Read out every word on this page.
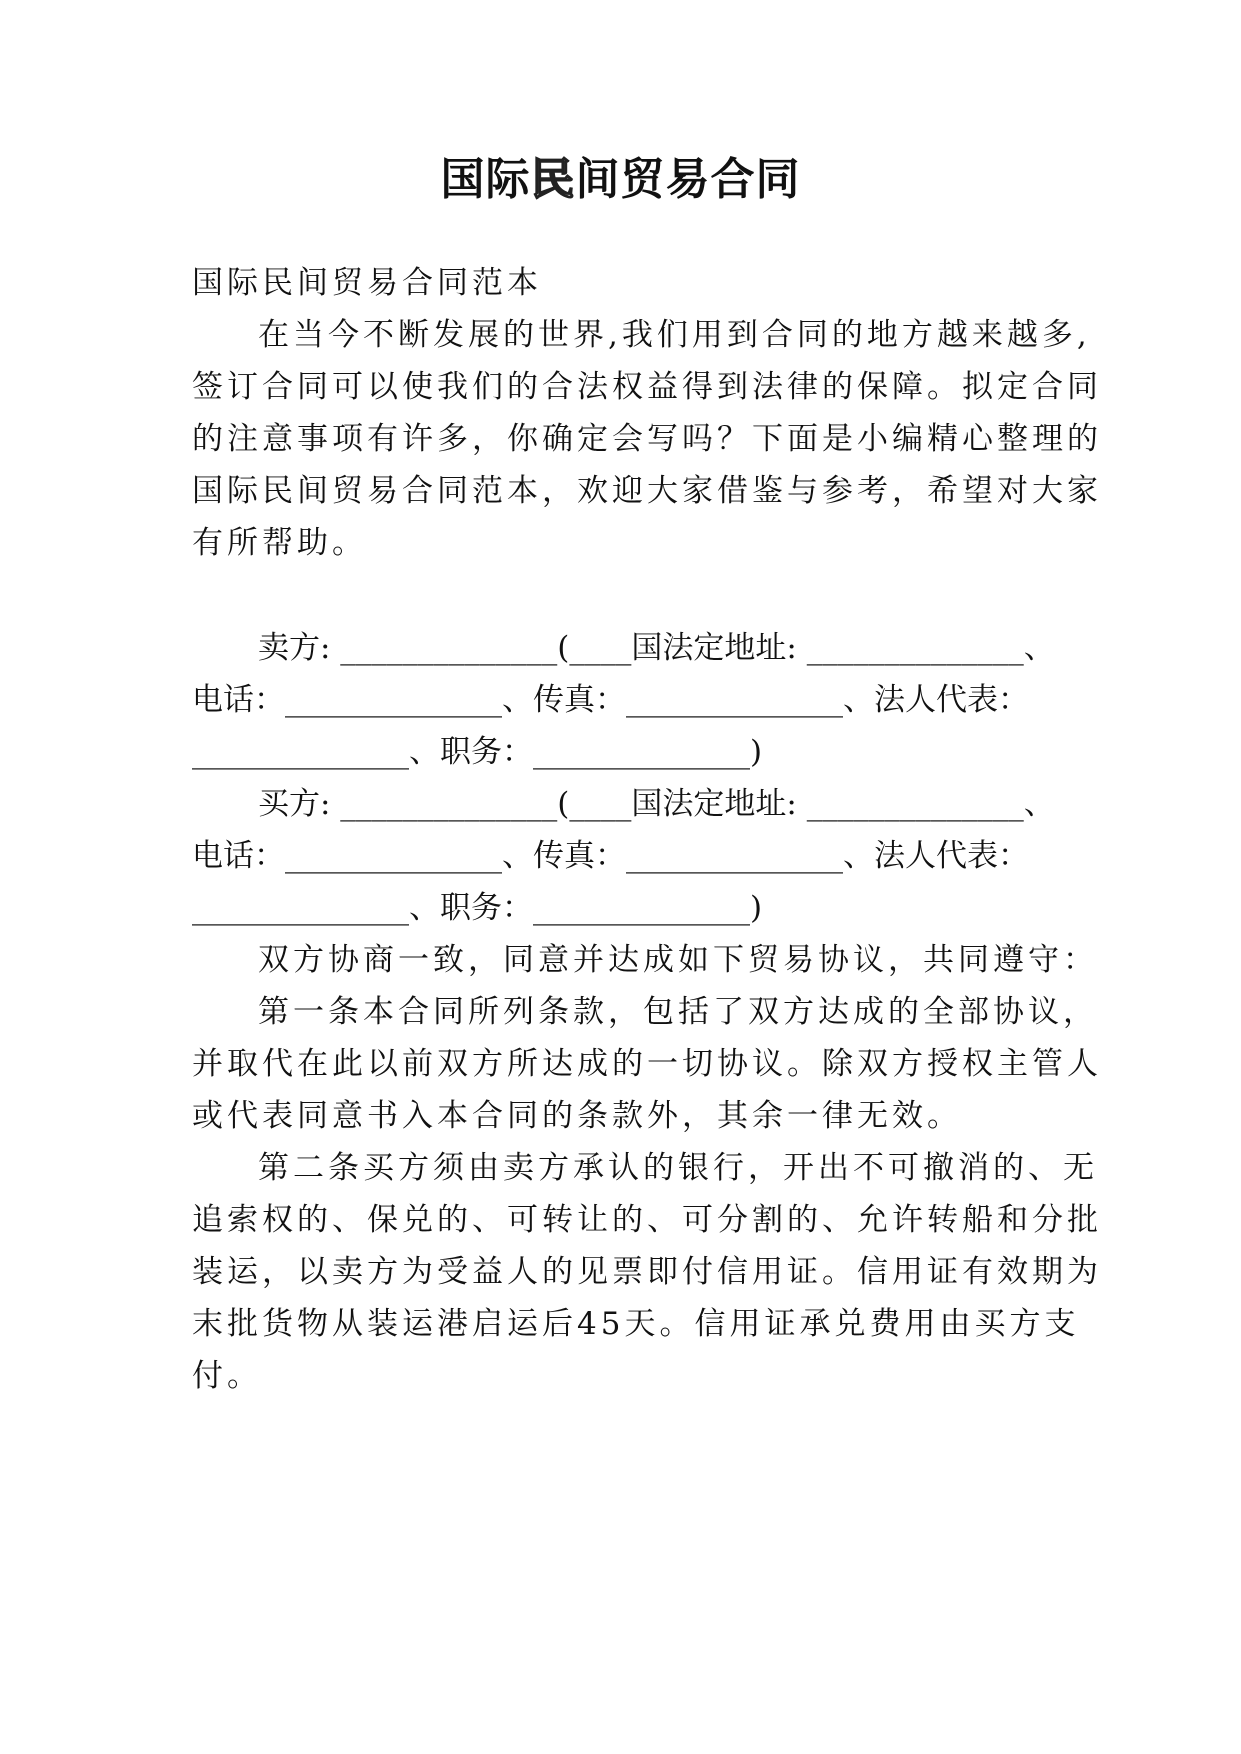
国际民间贸易合同
国际民间贸易合同范本
在当今不断发展的世界,我们用到合同的地方越来越多,
签订合同可以使我们的合法权益得到法律的保障。拟定合同
的注意事项有许多，你确定会写吗？下面是小编精心整理的
国际民间贸易合同范本，欢迎大家借鉴与参考，希望对大家
有所帮助。
卖方: ______________(____国法定地址: ______________、
电话：______________、传真：______________、法人代表：
______________、职务：______________)
买方: ______________(____国法定地址: ______________、
电话：______________、传真：______________、法人代表：
______________、职务：______________)
双方协商一致，同意并达成如下贸易协议，共同遵守：
第一条本合同所列条款，包括了双方达成的全部协议，
并取代在此以前双方所达成的一切协议。除双方授权主管人
或代表同意书入本合同的条款外，其余一律无效。
第二条买方须由卖方承认的银行，开出不可撤消的、无
追索权的、保兑的、可转让的、可分割的、允许转船和分批
装运，以卖方为受益人的见票即付信用证。信用证有效期为
末批货物从装运港启运后45天。信用证承兑费用由买方支
付。
